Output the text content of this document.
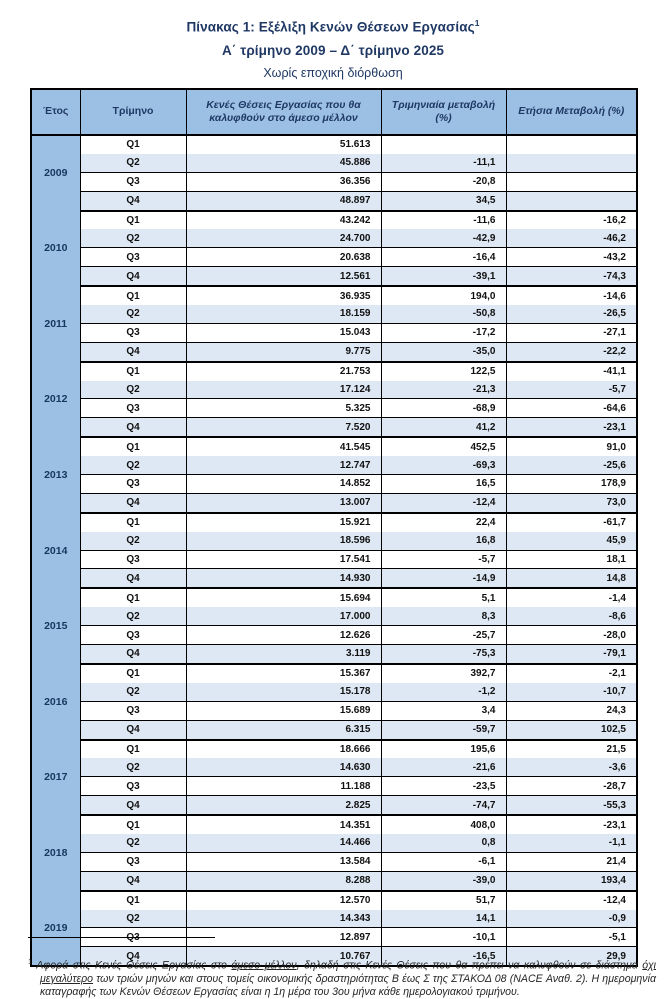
Πίνακας 1: Εξέλιξη Κενών Θέσεων Εργασίας$^1$

Α΄ τρίμηνο 2009 – Δ΄ τρίμηνο 2025

Χωρίς εποχική διόρθωση

Έτος	Τρίμηνο	Κενές Θέσεις Εργασίας που θα καλυφθούν στο άμεσο μέλλον	Τριμηνιαία μεταβολή (%)	Ετήσια Μεταβολή (%)
2009	Q1	51.613		
	Q2	45.886	-11,1	
	Q3	36.356	-20,8	
	Q4	48.897	34,5	
2010	Q1	43.242	-11,6	-16,2
	Q2	24.700	-42,9	-46,2
	Q3	20.638	-16,4	-43,2
	Q4	12.561	-39,1	-74,3
2011	Q1	36.935	194,0	-14,6
	Q2	18.159	-50,8	-26,5
	Q3	15.043	-17,2	-27,1
	Q4	9.775	-35,0	-22,2
2012	Q1	21.753	122,5	-41,1
	Q2	17.124	-21,3	-5,7
	Q3	5.325	-68,9	-64,6
	Q4	7.520	41,2	-23,1
2013	Q1	41.545	452,5	91,0
	Q2	12.747	-69,3	-25,6
	Q3	14.852	16,5	178,9
	Q4	13.007	-12,4	73,0
2014	Q1	15.921	22,4	-61,7
	Q2	18.596	16,8	45,9
	Q3	17.541	-5,7	18,1
	Q4	14.930	-14,9	14,8
2015	Q1	15.694	5,1	-1,4
	Q2	17.000	8,3	-8,6
	Q3	12.626	-25,7	-28,0
	Q4	3.119	-75,3	-79,1
2016	Q1	15.367	392,7	-2,1
	Q2	15.178	-1,2	-10,7
	Q3	15.689	3,4	24,3
	Q4	6.315	-59,7	102,5
2017	Q1	18.666	195,6	21,5
	Q2	14.630	-21,6	-3,6
	Q3	11.188	-23,5	-28,7
	Q4	2.825	-74,7	-55,3
2018	Q1	14.351	408,0	-23,1
	Q2	14.466	0,8	-1,1
	Q3	13.584	-6,1	21,4
	Q4	8.288	-39,0	193,4
2019	Q1	12.570	51,7	-12,4
	Q2	14.343	14,1	-0,9
	Q3	12.897	-10,1	-5,1
	Q4	10.767	-16,5	29,9

$^1$ Αφορά στις Κενές Θέσεις Εργασίας στο άμεσο μέλλον, δηλαδή στις Κενές Θέσεις που θα πρέπει να καλυφθούν σε διάστημα όχι μεγαλύτερο των τριών μηνών και στους τομείς οικονομικής δραστηριότητας Β έως Σ της ΣΤΑΚΟΔ 08 (NACE Αναθ. 2). Η ημερομηνία καταγραφής των Κενών Θέσεων Εργασίας είναι η 1η μέρα του 3ου μήνα κάθε ημερολογιακού τριμήνου.
